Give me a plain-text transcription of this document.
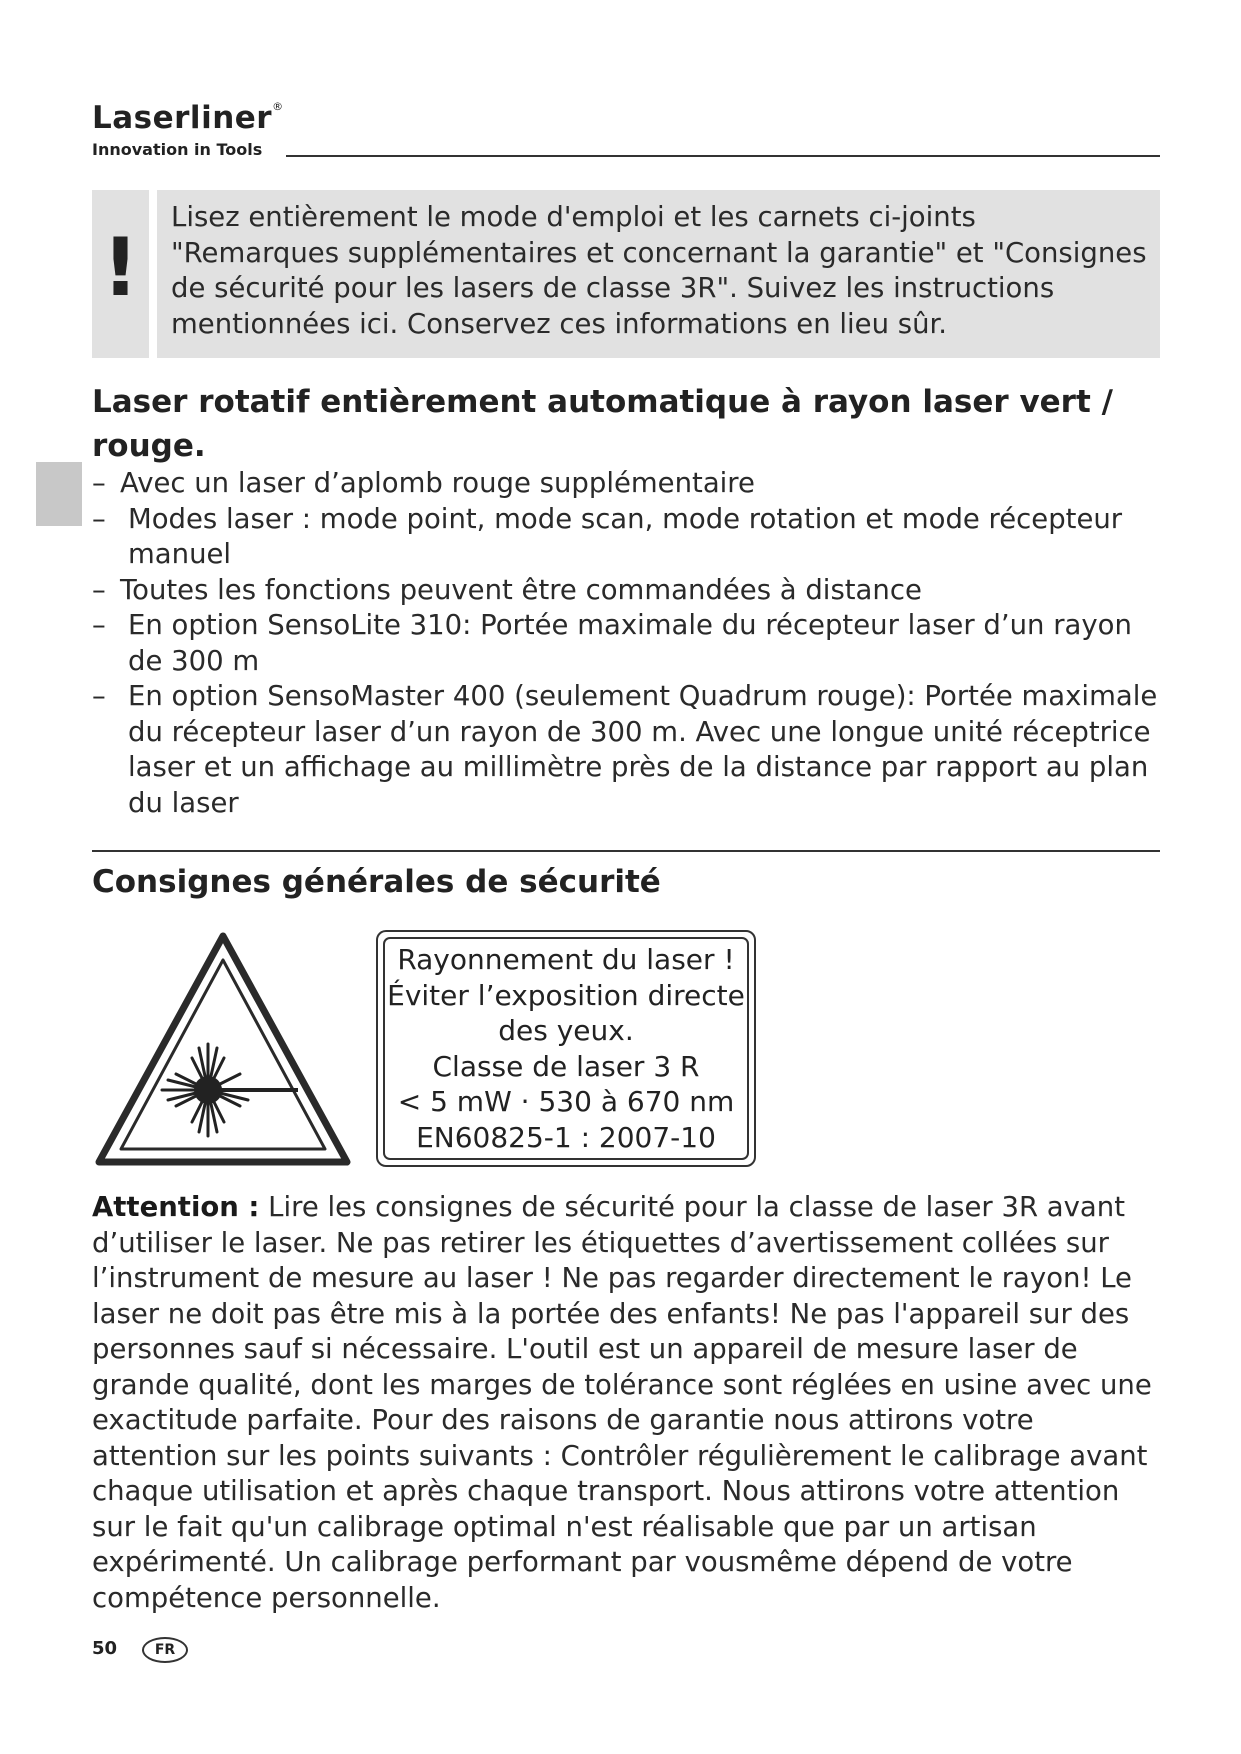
Laserliner®
Innovation in Tools
!

Lisez entièrement le mode d'emploi et les carnets ci-joints "Remarques supplémentaires et concernant la garantie" et "Consignes de sécurité pour les lasers de classe 3R". Suivez les instructions mentionnées ici. Conservez ces informations en lieu sûr.

Laser rotatif entièrement automatique à rayon laser vert / rouge.
– Avec un laser d’aplomb rouge supplémentaire
– Modes laser : mode point, mode scan, mode rotation et mode récepteur manuel
– Toutes les fonctions peuvent être commandées à distance
– En option SensoLite 310: Portée maximale du récepteur laser d’un rayon de 300 m
– En option SensoMaster 400 (seulement Quadrum rouge): Portée maximale du récepteur laser d’un rayon de 300 m. Avec une longue unité réceptrice laser et un affichage au millimètre près de la distance par rapport au plan du laser
Consignes générales de sécurité
Rayonnement du laser !
Éviter l’exposition directe
des yeux.
Classe de laser 3 R
< 5 mW · 530 à 670 nm
EN60825-1 : 2007-10

Attention : Lire les consignes de sécurité pour la classe de laser 3R avant d’utiliser le laser. Ne pas retirer les étiquettes d’avertissement collées sur l’instrument de mesure au laser ! Ne pas regarder directement le rayon! Le laser ne doit pas être mis à la portée des enfants! Ne pas l'appareil sur des personnes sauf si nécessaire. L'outil est un appareil de mesure laser de grande qualité, dont les marges de tolérance sont réglées en usine avec une exactitude parfaite. Pour des raisons de garantie nous attirons votre attention sur les points suivants : Contrôler régulièrement le calibrage avant chaque utilisation et après chaque transport. Nous attirons votre attention sur le fait qu'un calibrage optimal n'est réalisable que par un artisan expérimenté. Un calibrage performant par vousmême dépend de votre compétence personnelle.

50	FR
